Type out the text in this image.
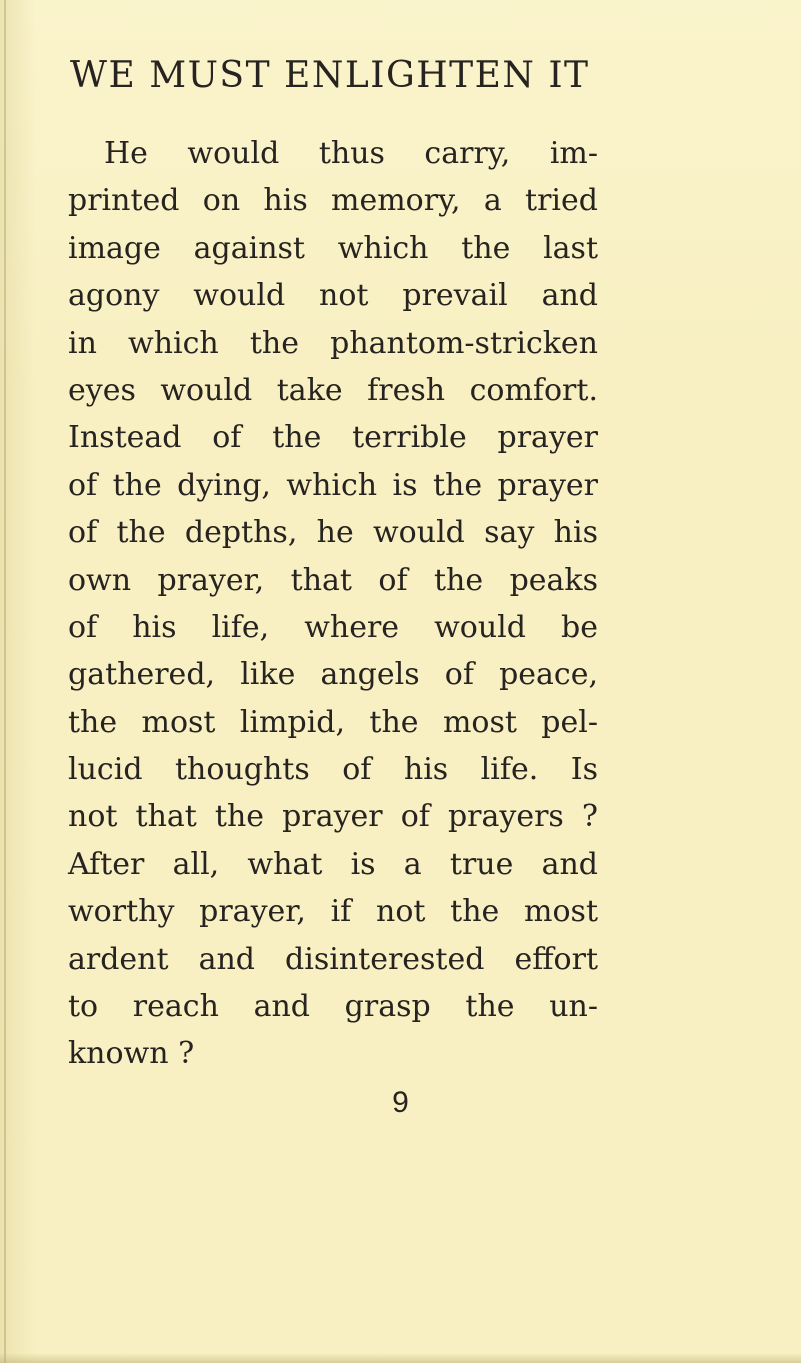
WE MUST ENLIGHTEN IT
He would thus carry, im-
printed on his memory, a tried
image against which the last
agony would not prevail and
in which the phantom-stricken
eyes would take fresh comfort.
Instead of the terrible prayer
of the dying, which is the prayer
of the depths, he would say his
own prayer, that of the peaks
of his life, where would be
gathered, like angels of peace,
the most limpid, the most pel-
lucid thoughts of his life. Is
not that the prayer of prayers ?
After all, what is a true and
worthy prayer, if not the most
ardent and disinterested effort
to reach and grasp the un-
known ?
9
